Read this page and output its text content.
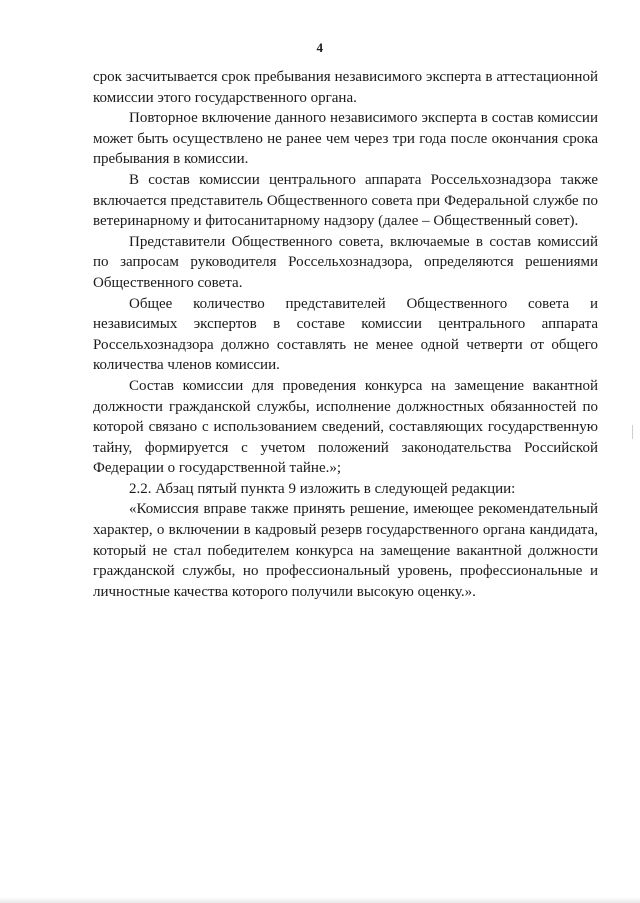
4

срок засчитывается срок пребывания независимого эксперта в аттестационной комиссии этого государственного органа.

Повторное включение данного независимого эксперта в состав комиссии может быть осуществлено не ранее чем через три года после окончания срока пребывания в комиссии.

В состав комиссии центрального аппарата Россельхознадзора также включается представитель Общественного совета при Федеральной службе по ветеринарному и фитосанитарному надзору (далее – Общественный совет).

Представители Общественного совета, включаемые в состав комиссий по запросам руководителя Россельхознадзора, определяются решениями Общественного совета.

Общее количество представителей Общественного совета и независимых экспертов в составе комиссии центрального аппарата Россельхознадзора должно составлять не менее одной четверти от общего количества членов комиссии.

Состав комиссии для проведения конкурса на замещение вакантной должности гражданской службы, исполнение должностных обязанностей по которой связано с использованием сведений, составляющих государственную тайну, формируется с учетом положений законодательства Российской Федерации о государственной тайне.»;

2.2. Абзац пятый пункта 9 изложить в следующей редакции:

«Комиссия вправе также принять решение, имеющее рекомендательный характер, о включении в кадровый резерв государственного органа кандидата, который не стал победителем конкурса на замещение вакантной должности гражданской службы, но профессиональный уровень, профессиональные и личностные качества которого получили высокую оценку.».
